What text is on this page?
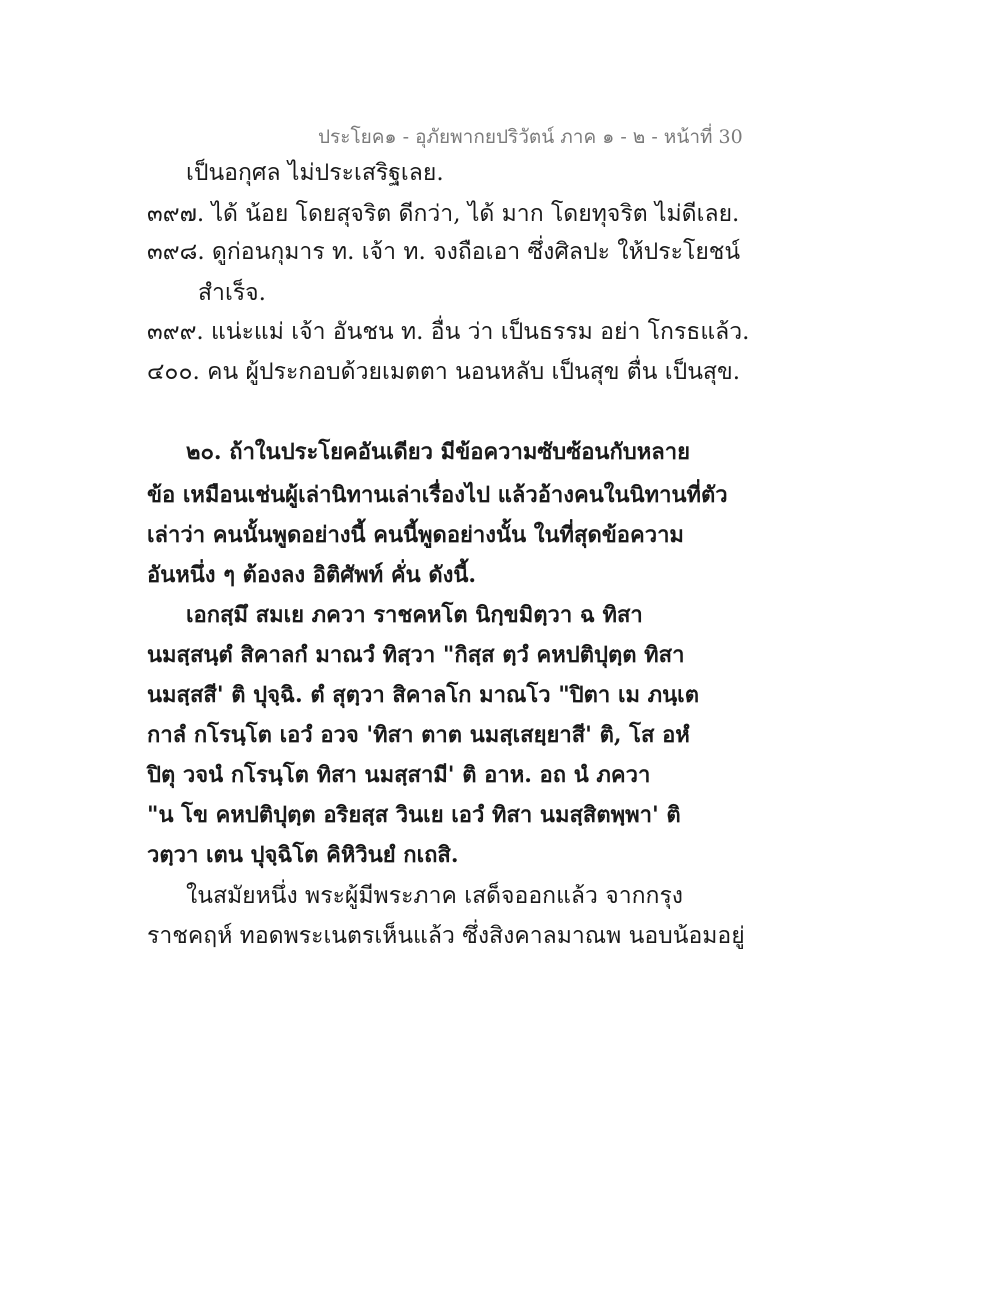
ประโยค๑ - อุภัยพากยปริวัตน์ ภาค ๑ - ๒ - หน้าที่ 30
เป็นอกุศล ไม่ประเสริฐเลย.
๓๙๗. ได้ น้อย โดยสุจริต ดีกว่า, ได้ มาก โดยทุจริต ไม่ดีเลย.
๓๙๘. ดูก่อนกุมาร ท. เจ้า ท. จงถือเอา ซึ่งศิลปะ ให้ประโยชน์
สำเร็จ.
๓๙๙. แน่ะแม่ เจ้า อันชน ท. อื่น ว่า เป็นธรรม อย่า โกรธแล้ว.
๔๐๐. คน ผู้ประกอบด้วยเมตตา นอนหลับ เป็นสุข ตื่น เป็นสุข.
๒๐. ถ้าในประโยคอันเดียว มีข้อความซับซ้อนกับหลาย
ข้อ เหมือนเช่นผู้เล่านิทานเล่าเรื่องไป แล้วอ้างคนในนิทานที่ตัว
เล่าว่า คนนั้นพูดอย่างนี้ คนนี้พูดอย่างนั้น ในที่สุดข้อความ
อันหนึ่ง ๆ ต้องลง อิติศัพท์ คั่น ดังนี้.
เอกสฺมึ สมเย ภควา ราชคหโต นิกฺขมิตฺวา ฉ ทิสา
นมสฺสนฺตํ สิคาลกํ มาณวํ ทิสฺวา "กิสฺส ตฺวํ คหปติปุตฺต ทิสา
นมสฺสสี' ติ ปุจฺฉิ. ตํ สุตฺวา สิคาลโก มาณโว "ปิตา เม ภนฺเต
กาลํ กโรนฺโต เอวํ อวจ 'ทิสา ตาต นมสฺเสยฺยาสี' ติ, โส อหํ
ปิตุ วจนํ กโรนฺโต ทิสา นมสฺสามี' ติ อาห. อถ นํ ภควา
"น โข คหปติปุตฺต อริยสฺส วินเย เอวํ ทิสา นมสฺสิตพฺพา' ติ
วตฺวา เตน ปุจฺฉิโต คิหิวินยํ กเถสิ.
ในสมัยหนึ่ง พระผู้มีพระภาค เสด็จออกแล้ว จากกรุง
ราชคฤห์ ทอดพระเนตรเห็นแล้ว ซึ่งสิงคาลมาณพ นอบน้อมอยู่
